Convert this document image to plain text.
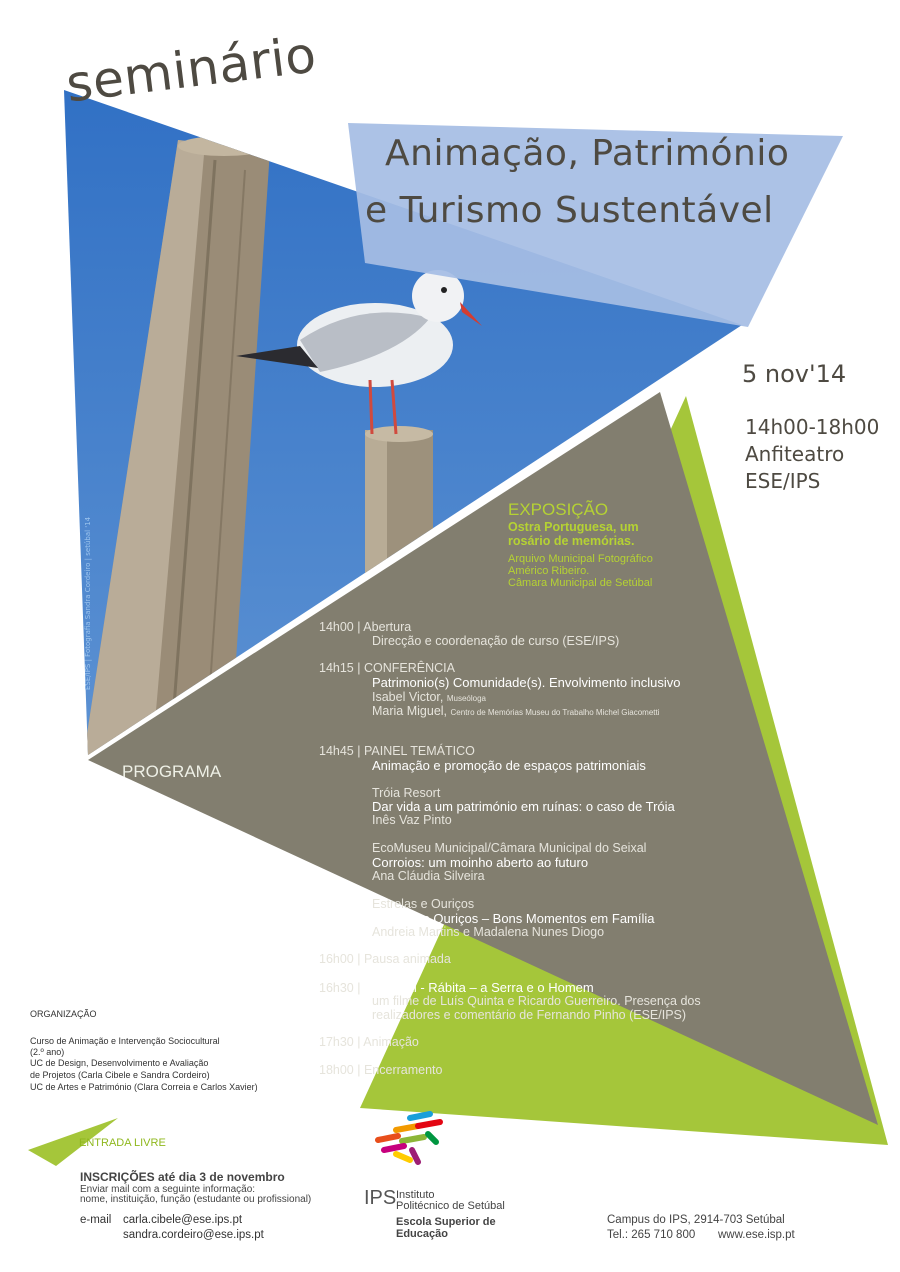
seminário
Animação, Património
e Turismo Sustentável
5 nov'14
14h00-18h00
Anfiteatro
ESE/IPS
ESE/IPS | Fotografia Sandra Cordeiro | setúbal '14
EXPOSIÇÃO
Ostra Portuguesa, um
rosário de memórias.
Arquivo Municipal Fotográfico
Américo Ribeiro.
Câmara Municipal de Setúbal
PROGRAMA
14h00 | Abertura
Direcção e coordenação de curso (ESE/IPS)
14h15 | CONFERÊNCIA
Patrimonio(s) Comunidade(s). Envolvimento inclusivo
Isabel Victor, Museóloga
Maria Miguel, Centro de Memórias Museu do Trabalho Michel Giacometti
14h45 | PAINEL TEMÁTICO
Animação e promoção de espaços patrimoniais
Tróia Resort
Dar vida a um património em ruínas: o caso de Tróia
Inês Vaz Pinto
EcoMuseu Municipal/Câmara Municipal do Seixal
Corroios: um moinho aberto ao futuro
Ana Cláudia Silveira
Estrelas e Ouriços
Estrelas e Ouriços – Bons Momentos em Família
Andreia Martins e Madalena Nunes Diogo
16h00 | Pausa animada
16h30 | FILME Al - Rábita – a Serra e o Homem
um filme de Luís Quinta e Ricardo Guerreiro. Presença dos
realizadores e comentário de Fernando Pinho (ESE/IPS)
17h30 | Animação
18h00 | Encerramento
ORGANIZAÇÃO
Curso de Animação e Intervenção Sociocultural
(2.º ano)
UC de Design, Desenvolvimento e Avaliação
de Projetos (Carla Cibele e Sandra Cordeiro)
UC de Artes e Património (Clara Correia e Carlos Xavier)
ENTRADA LIVRE
INSCRIÇÕES até dia 3 de novembro
Enviar mail com a seguinte informação:
nome, instituição, função (estudante ou profissional)
e-mail carla.cibele@ese.ips.pt
sandra.cordeiro@ese.ips.pt
IPS Instituto
Politécnico de Setúbal
Escola Superior de
Educação
Campus do IPS, 2914-703 Setúbal
Tel.: 265 710 800 www.ese.isp.pt
